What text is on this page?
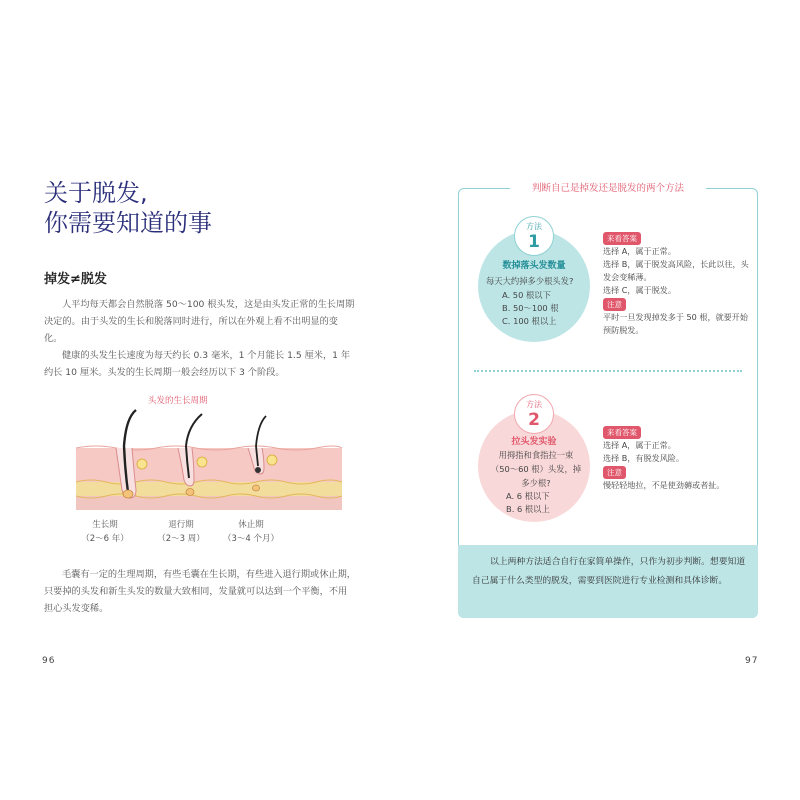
关于脱发,
你需要知道的事
掉发≠脱发

人平均每天都会自然脱落 50～100 根头发，这是由头发正常的生长周期决定的。由于头发的生长和脱落同时进行，所以在外观上看不出明显的变化。

健康的头发生长速度为每天约长 0.3 毫米，1 个月能长 1.5 厘米，1 年约长 10 厘米。头发的生长周期一般会经历以下 3 个阶段。

头发的生长周期
生长期
（2～6 年）
退行期
（2～3 周）
休止期
（3～4 个月）

毛囊有一定的生理周期，有些毛囊在生长期，有些进入退行期或休止期，只要掉的头发和新生头发的数量大致相同，发量就可以达到一个平衡，不用担心头发变稀。

96
判断自己是掉发还是脱发的两个方法
方法
1
数掉落头发数量
每天大约掉多少根头发?
A. 50 根以下
B. 50～100 根
C. 100 根以上
来看答案
选择 A，属于正常。
选择 B，属于脱发高风险，长此以往，头发会变稀薄。
选择 C，属于脱发。
注意
平时一旦发现掉发多于 50 根，就要开始预防脱发。
方法
2
拉头发实验
用拇指和食指拉一束（50～60 根）头发，掉多少根?
A. 6 根以下
B. 6 根以上
来看答案
选择 A，属于正常。
选择 B，有脱发风险。
注意
慢轻轻地拉，不是使劲薅或者扯。

以上两种方法适合自行在家简单操作，只作为初步判断。想要知道自己属于什么类型的脱发，需要到医院进行专业检测和具体诊断。

97
